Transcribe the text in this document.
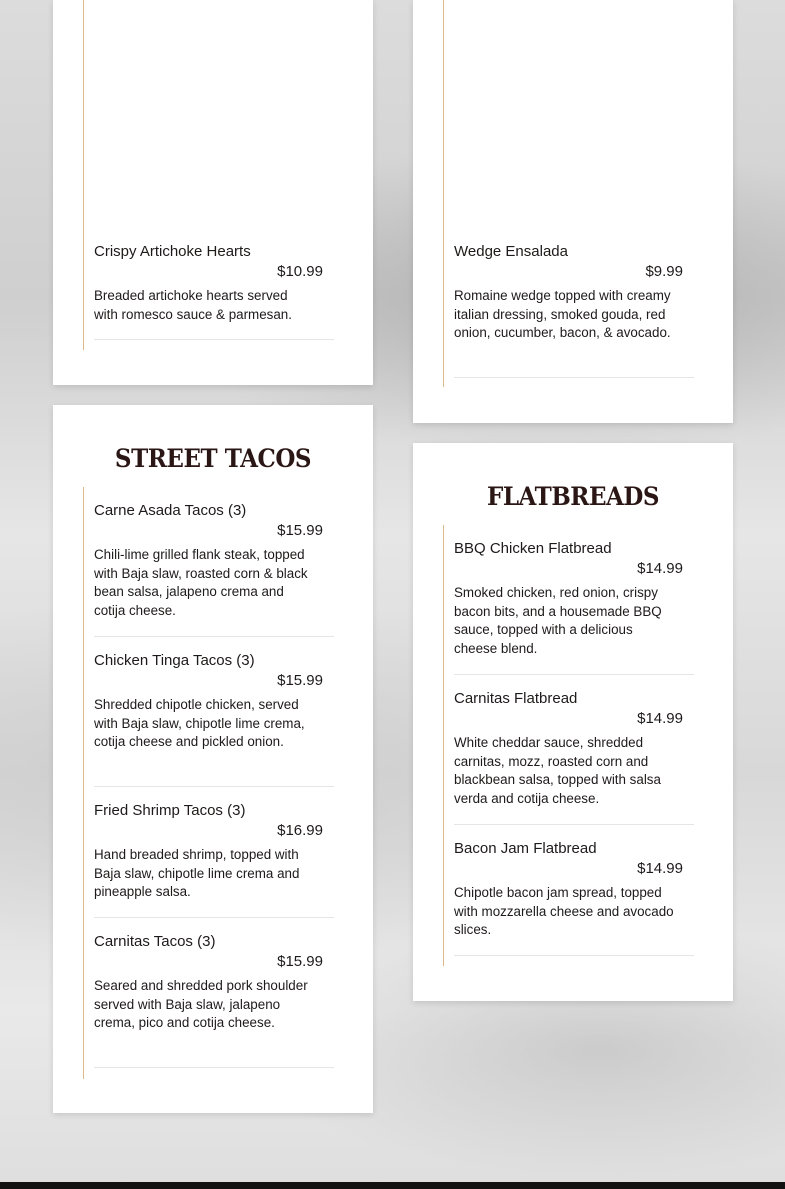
Crispy Artichoke Hearts
$10.99
Breaded artichoke hearts served with romesco sauce & parmesan.
Wedge Ensalada
$9.99
Romaine wedge topped with creamy italian dressing, smoked gouda, red onion, cucumber, bacon, & avocado.
STREET TACOS
Carne Asada Tacos (3)
$15.99
Chili-lime grilled flank steak, topped with Baja slaw, roasted corn & black bean salsa, jalapeno crema and cotija cheese.
Chicken Tinga Tacos (3)
$15.99
Shredded chipotle chicken, served with Baja slaw, chipotle lime crema, cotija cheese and pickled onion.
Fried Shrimp Tacos (3)
$16.99
Hand breaded shrimp, topped with Baja slaw, chipotle lime crema and pineapple salsa.
Carnitas Tacos (3)
$15.99
Seared and shredded pork shoulder served with Baja slaw, jalapeno crema, pico and cotija cheese.
FLATBREADS
BBQ Chicken Flatbread
$14.99
Smoked chicken, red onion, crispy bacon bits, and a housemade BBQ sauce, topped with a delicious cheese blend.
Carnitas Flatbread
$14.99
White cheddar sauce, shredded carnitas, mozz, roasted corn and blackbean salsa, topped with salsa verda and cotija cheese.
Bacon Jam Flatbread
$14.99
Chipotle bacon jam spread, topped with mozzarella cheese and avocado slices.
